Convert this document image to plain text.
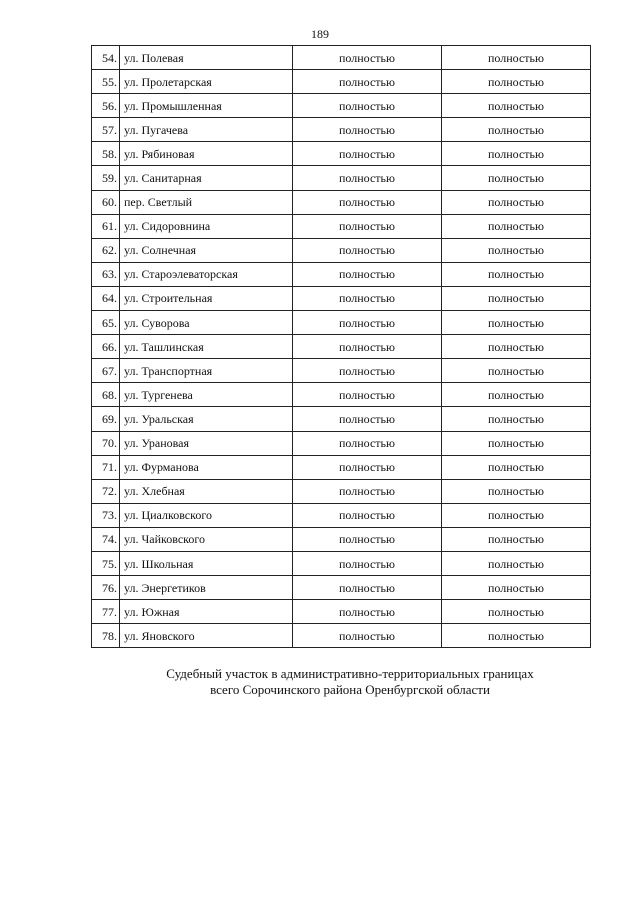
189
54.	ул. Полевая	полностью	полностью
55.	ул. Пролетарская	полностью	полностью
56.	ул. Промышленная	полностью	полностью
57.	ул. Пугачева	полностью	полностью
58.	ул. Рябиновая	полностью	полностью
59.	ул. Санитарная	полностью	полностью
60.	пер. Светлый	полностью	полностью
61.	ул. Сидоровнина	полностью	полностью
62.	ул. Солнечная	полностью	полностью
63.	ул. Староэлеваторская	полностью	полностью
64.	ул. Строительная	полностью	полностью
65.	ул. Суворова	полностью	полностью
66.	ул. Ташлинская	полностью	полностью
67.	ул. Транспортная	полностью	полностью
68.	ул. Тургенева	полностью	полностью
69.	ул. Уральская	полностью	полностью
70.	ул. Урановая	полностью	полностью
71.	ул. Фурманова	полностью	полностью
72.	ул. Хлебная	полностью	полностью
73.	ул. Циалковского	полностью	полностью
74.	ул. Чайковского	полностью	полностью
75.	ул. Школьная	полностью	полностью
76.	ул. Энергетиков	полностью	полностью
77.	ул. Южная	полностью	полностью
78.	ул. Яновского	полностью	полностью
Судебный участок в административно-территориальных границах
всего Сорочинского района Оренбургской области
